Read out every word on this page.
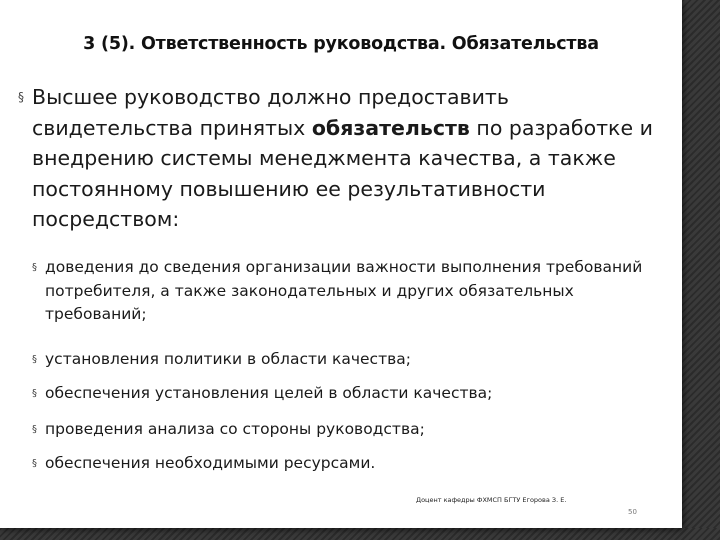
3 (5). Ответственность руководства. Обязательства
§ Высшее руководство должно предоставить свидетельства принятых обязательств по разработке и внедрению системы менеджмента качества, а также постоянному повышению ее результативности посредством:
§ доведения до сведения организации важности выполнения требований потребителя, а также законодательных и других обязательных требований;
§ установления политики в области качества;
§ обеспечения установления целей в области качества;
§ проведения анализа со стороны руководства;
§ обеспечения необходимыми ресурсами.
Доцент кафедры ФХМСП БГТУ Егорова З. Е.
50
